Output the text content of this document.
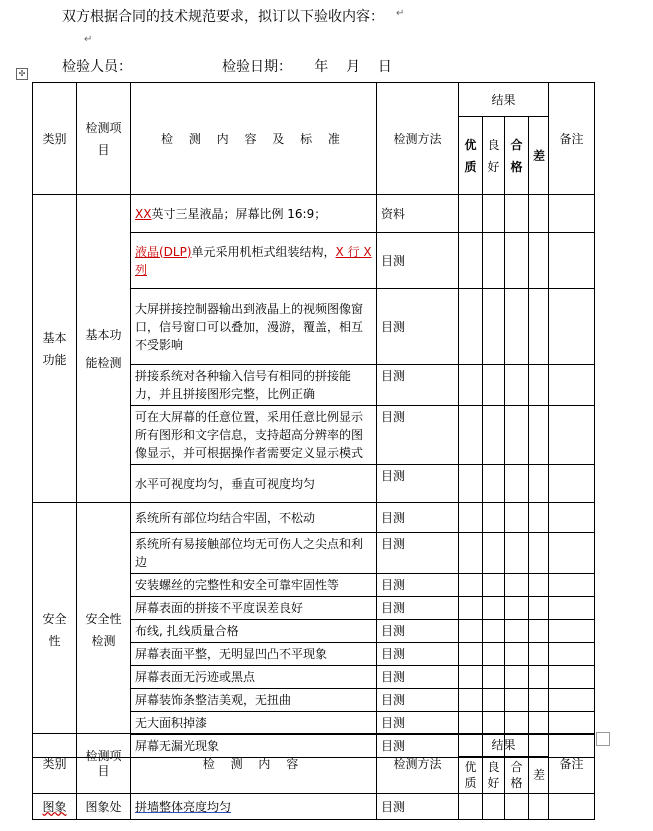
双方根据合同的技术规范要求，拟订以下验收内容： ↵
↵
检验人员：	检验日期： 年 月 日
✣
类别	检测项目	检 测 内 容 及 标 准	检测方法	结果				备注
				优质	良好	合格	差	
基本功能	基本功能检测	XX英寸三星液晶；屏幕比例 16:9；	资料					
		液晶(DLP)单元采用机柜式组装结构，X 行 X 列	目测					
		大屏拼接控制器输出到液晶上的视频图像窗口，信号窗口可以叠加，漫游，覆盖，相互不受影响	目测					
		拼接系统对各种输入信号有相同的拼接能力，并且拼接图形完整，比例正确	目测					
		可在大屏幕的任意位置，采用任意比例显示所有图形和文字信息，支持超高分辨率的图像显示，并可根据操作者需要定义显示模式	目测					
		水平可视度均匀，垂直可视度均匀	目测					
安全性	安全性检测	系统所有部位均结合牢固，不松动	目测					
		系统所有易接触部位均无可伤人之尖点和利边	目测					
		安装螺丝的完整性和安全可靠牢固性等	目测					
		屏幕表面的拼接不平度误差良好	目测					
		布线, 扎线质量合格	目测					
		屏幕表面平整，无明显凹凸不平现象	目测					
		屏幕表面无污迹或黑点	目测					
		屏幕装饰条整洁美观，无扭曲	目测					
		无大面积掉漆	目测					
		屏幕无漏光现象	目测					
类别	检测项目	检 测 内 容	检测方法	结果				备注
				优质	良好	合格	差	
图象	图象处	拼墙整体亮度均匀	目测					
